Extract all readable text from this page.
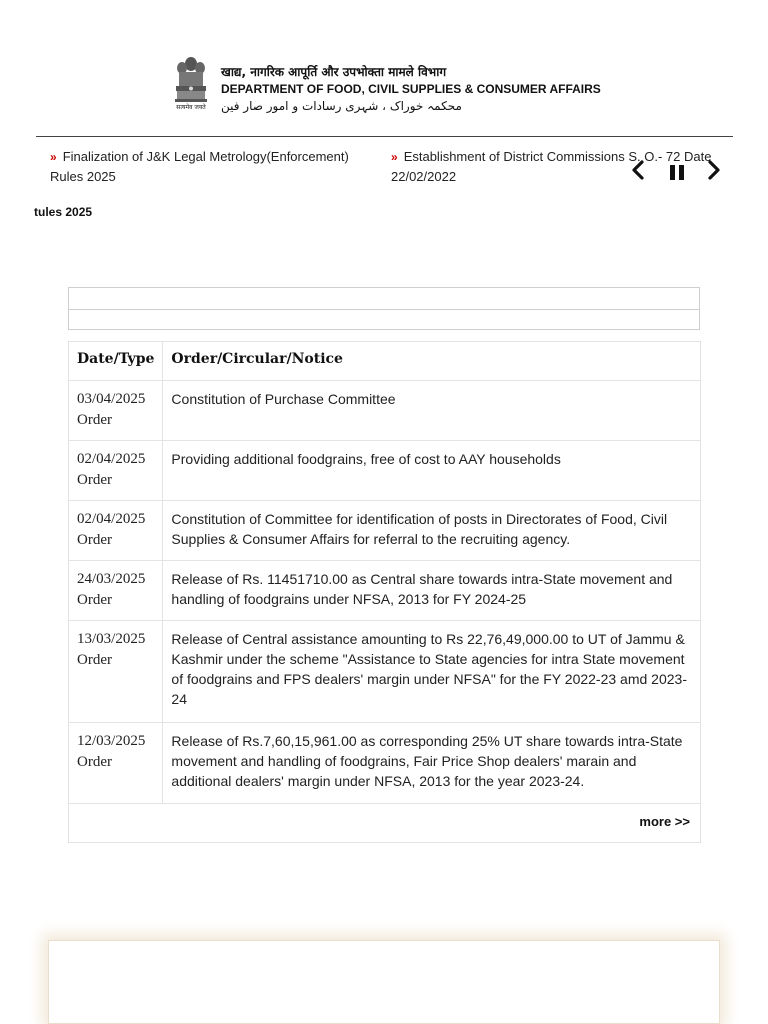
सत्यमेव जयते
खाद्य, नागरिक आपूर्ति और उपभोक्ता मामले विभाग
DEPARTMENT OF FOOD, CIVIL SUPPLIES & CONSUMER AFFAIRS
محکمہ خوراک ، شہری رسادات و امور صار فین
» Finalization of J&K Legal Metrology(Enforcement) Rules 2025
» Establishment of District Commissions S. O.- 72 Date 22/02/2022
tules 2025
Date/Type	Order/Circular/Notice

03/04/2025
Order	Constitution of Purchase Committee

02/04/2025
Order	Providing additional foodgrains, free of cost to AAY households

02/04/2025
Order	Constitution of Committee for identification of posts in Directorates of Food, Civil Supplies & Consumer Affairs for referral to the recruiting agency.

24/03/2025
Order	Release of Rs. 11451710.00 as Central share towards intra-State movement and handling of foodgrains under NFSA, 2013 for FY 2024-25

13/03/2025
Order	Release of Central assistance amounting to Rs 22,76,49,000.00 to UT of Jammu & Kashmir under the scheme "Assistance to State agencies for intra State movement of foodgrains and FPS dealers' margin under NFSA" for the FY 2022-23 amd 2023-24

12/03/2025
Order	Release of Rs.7,60,15,961.00 as corresponding 25% UT share towards intra-State movement and handling of foodgrains, Fair Price Shop dealers' marain and additional dealers' margin under NFSA, 2013 for the year 2023-24.
more >>	
